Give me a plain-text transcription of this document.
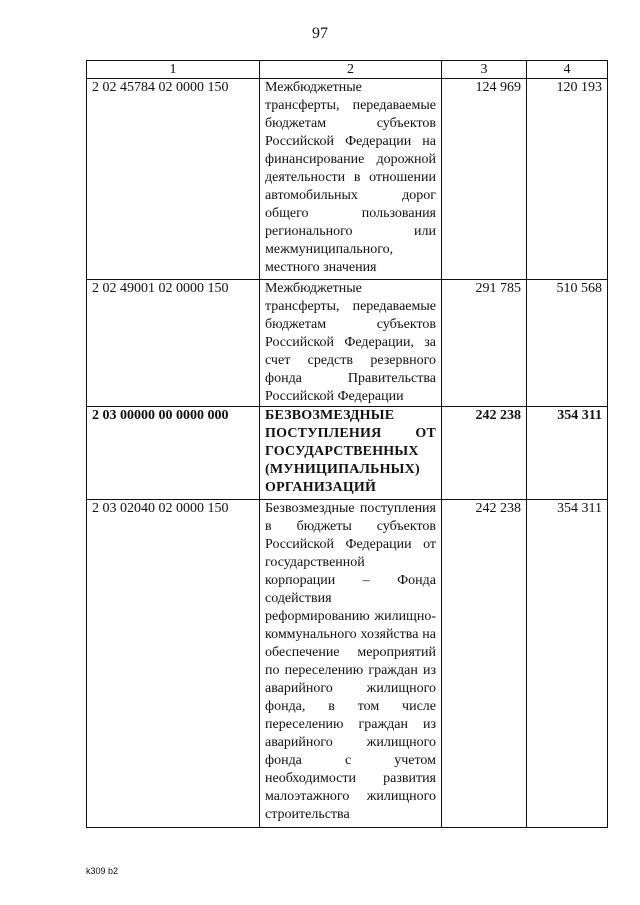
97
1	2	3	4
2 02 45784 02 0000 150	Межбюджетные трансферты, передаваемые бюджетам субъектов Российской Федерации на финансирование дорожной деятельности в отношении автомобильных дорог общего пользования регионального или межмуниципального, местного значения	124 969	120 193
2 02 49001 02 0000 150	Межбюджетные трансферты, передаваемые бюджетам субъектов Российской Федерации, за счет средств резервного фонда Правительства Российской Федерации	291 785	510 568
2 03 00000 00 0000 000	БЕЗВОЗМЕЗДНЫЕ ПОСТУПЛЕНИЯ ОТ ГОСУДАРСТВЕННЫХ (МУНИЦИПАЛЬНЫХ) ОРГАНИЗАЦИЙ	242 238	354 311
2 03 02040 02 0000 150	Безвозмездные поступления в бюджеты субъектов Российской Федерации от государственной корпорации – Фонда содействия реформированию жилищно-коммунального хозяйства на обеспечение мероприятий по переселению граждан из аварийного жилищного фонда, в том числе переселению граждан из аварийного жилищного фонда с учетом необходимости развития малоэтажного жилищного строительства	242 238	354 311
k309 b2
